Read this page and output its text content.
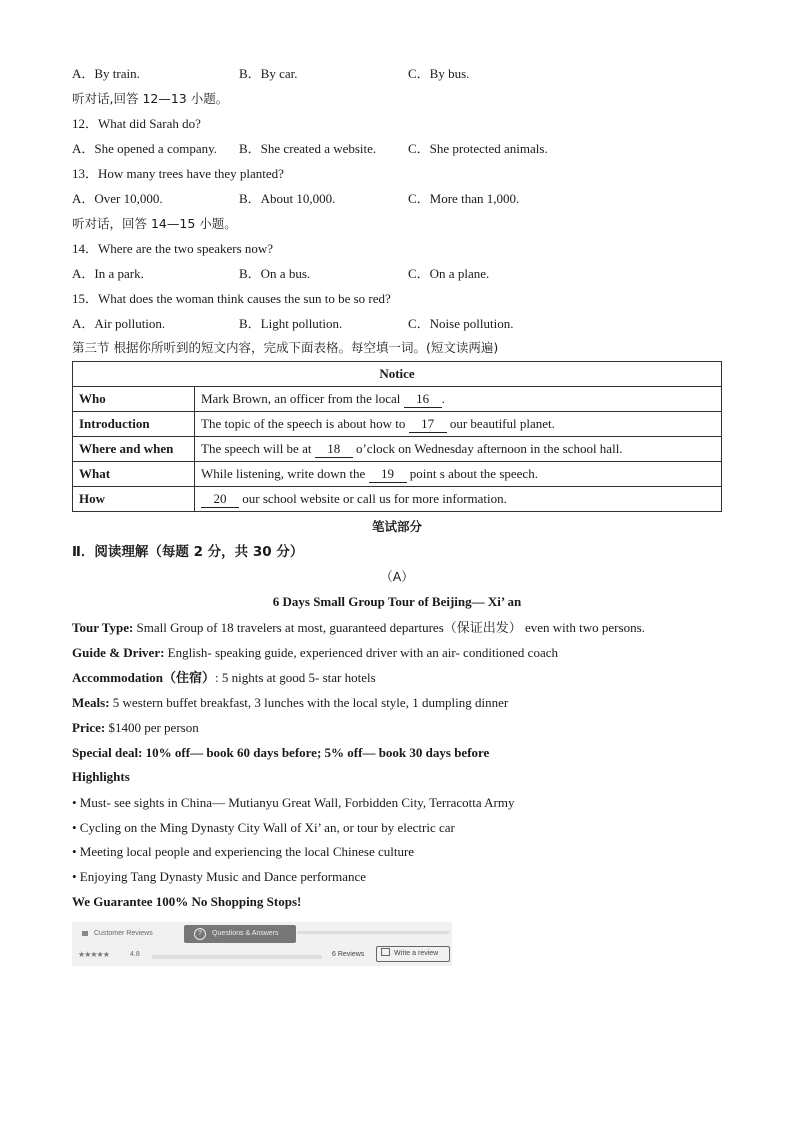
A．By train.	B．By car.	C．By bus.
听对话,回答 12—13 小题。
12．What did Sarah do?
A．She opened a company. B．She created a website. C．She protected animals.
13．How many trees have they planted?
A．Over 10,000.	B．About 10,000.	C．More than 1,000.
听对话，回答 14—15 小题。
14．Where are the two speakers now?
A．In a park.	B．On a bus.	C．On a plane.
15．What does the woman think causes the sun to be so red?
A．Air pollution.	B．Light pollution.	C．Noise pollution.
第三节 根据你所听到的短文内容，完成下面表格。每空填一词。(短文读两遍)
Notice	
Who	Mark Brown, an officer from the local 16 .
Introduction	The topic of the speech is about how to 17 our beautiful planet.
Where and when	The speech will be at 18 o’clock on Wednesday afternoon in the school hall.
What	While listening, write down the 19 point s about the speech.
How	20 our school website or call us for more information.
笔试部分
Ⅱ．阅读理解（每题 2 分，共 30 分）
（A）
6 Days Small Group Tour of Beijing— Xi’ an
Tour Type: Small Group of 18 travelers at most, guaranteed departures（保证出发） even with two persons.
Guide & Driver: English- speaking guide, experienced driver with an air- conditioned coach
Accommodation（住宿）: 5 nights at good 5- star hotels
Meals: 5 western buffet breakfast, 3 lunches with the local style, 1 dumpling dinner
Price: $1400 per person
Special deal: 10% off— book 60 days before; 5% off— book 30 days before
Highlights
• Must- see sights in China— Mutianyu Great Wall, Forbidden City, Terracotta Army
• Cycling on the Ming Dynasty City Wall of Xi’ an, or tour by electric car
• Meeting local people and experiencing the local Chinese culture
• Enjoying Tang Dynasty Music and Dance performance
We Guarantee 100% No Shopping Stops!
Customer Reviews	? Questions & Answers
★★★★★	4.8	6 Reviews	Write a review
